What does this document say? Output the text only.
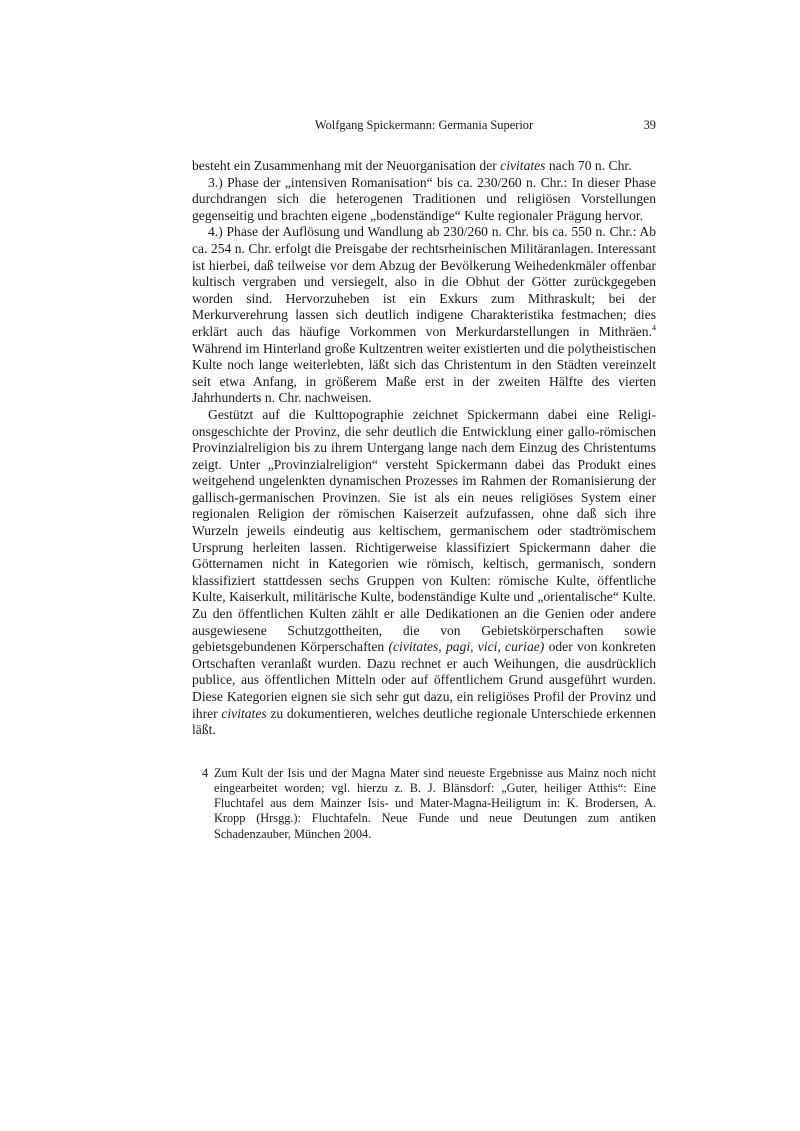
Wolfgang Spickermann: Germania Superior	39

besteht ein Zusammenhang mit der Neuorganisation der civitates nach 70 n. Chr.

3.) Phase der „intensiven Romanisation“ bis ca. 230/260 n. Chr.: In dieser Phase durchdrangen sich die heterogenen Traditionen und religiösen Vorstellungen gegenseitig und brachten eigene „bodenständige“ Kulte regionaler Prägung hervor.

4.) Phase der Auflösung und Wandlung ab 230/260 n. Chr. bis ca. 550 n. Chr.: Ab ca. 254 n. Chr. erfolgt die Preisgabe der rechtsrheinischen Militäranlagen. Interessant ist hierbei, daß teilweise vor dem Abzug der Bevölkerung Weihedenkmäler offenbar kultisch vergraben und versiegelt, also in die Obhut der Götter zurückgegeben worden sind. Hervorzuheben ist ein Exkurs zum Mithraskult; bei der Merkurverehrung lassen sich deutlich indigene Charakteristika festmachen; dies erklärt auch das häufige Vorkommen von Merkurdarstellungen in Mithräen.$^4$ Während im Hinterland große Kultzentren weiter existierten und die polytheistischen Kulte noch lange weiterlebten, läßt sich das Christentum in den Städten vereinzelt seit etwa Anfang, in größerem Maße erst in der zweiten Hälfte des vierten Jahrhunderts n. Chr. nachweisen.

Gestützt auf die Kulttopographie zeichnet Spickermann dabei eine Religionsgeschichte der Provinz, die sehr deutlich die Entwicklung einer gallo-römischen Provinzialreligion bis zu ihrem Untergang lange nach dem Einzug des Christentums zeigt. Unter „Provinzialreligion“ versteht Spickermann dabei das Produkt eines weitgehend ungelenkten dynamischen Prozesses im Rahmen der Romanisierung der gallisch-germanischen Provinzen. Sie ist als ein neues religiöses System einer regionalen Religion der römischen Kaiserzeit aufzufassen, ohne daß sich ihre Wurzeln jeweils eindeutig aus keltischem, germanischem oder stadtrömischem Ursprung herleiten lassen. Richtigerweise klassifiziert Spickermann daher die Götternamen nicht in Kategorien wie römisch, keltisch, germanisch, sondern klassifiziert stattdessen sechs Gruppen von Kulten: römische Kulte, öffentliche Kulte, Kaiserkult, militärische Kulte, bodenständige Kulte und „orientalische“ Kulte. Zu den öffentlichen Kulten zählt er alle Dedikationen an die Genien oder andere ausgewiesene Schutzgottheiten, die von Gebietskörperschaften sowie gebietsgebundenen Körperschaften (civitates, pagi, vici, curiae) oder von konkreten Ortschaften veranlaßt wurden. Dazu rechnet er auch Weihungen, die ausdrücklich publice, aus öffentlichen Mitteln oder auf öffentlichem Grund ausgeführt wurden. Diese Kategorien eignen sie sich sehr gut dazu, ein religiöses Profil der Provinz und ihrer civitates zu dokumentieren, welches deutliche regionale Unterschiede erkennen läßt.

4 Zum Kult der Isis und der Magna Mater sind neueste Ergebnisse aus Mainz noch nicht eingearbeitet worden; vgl. hierzu z. B. J. Blänsdorf: „Guter, heiliger Atthis“: Eine Fluchtafel aus dem Mainzer Isis- und Mater-Magna-Heiligtum in: K. Brodersen, A. Kropp (Hrsgg.): Fluchtafeln. Neue Funde und neue Deutungen zum antiken Schadenzauber, München 2004.
